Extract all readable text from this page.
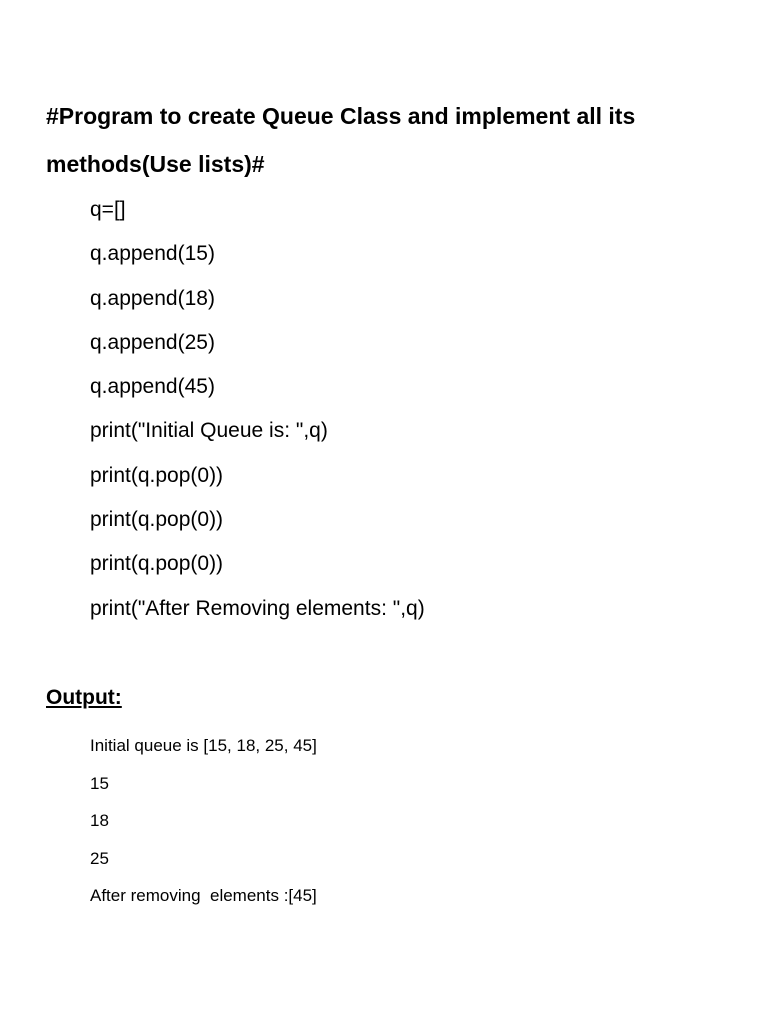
#Program to create Queue Class and implement all its
methods(Use lists)#
q=[]
q.append(15)
q.append(18)
q.append(25)
q.append(45)
print("Initial Queue is: ",q)
print(q.pop(0))
print(q.pop(0))
print(q.pop(0))
print("After Removing elements: ",q)
Output:
Initial queue is [15, 18, 25, 45]
15
18
25
After removing  elements :[45]
